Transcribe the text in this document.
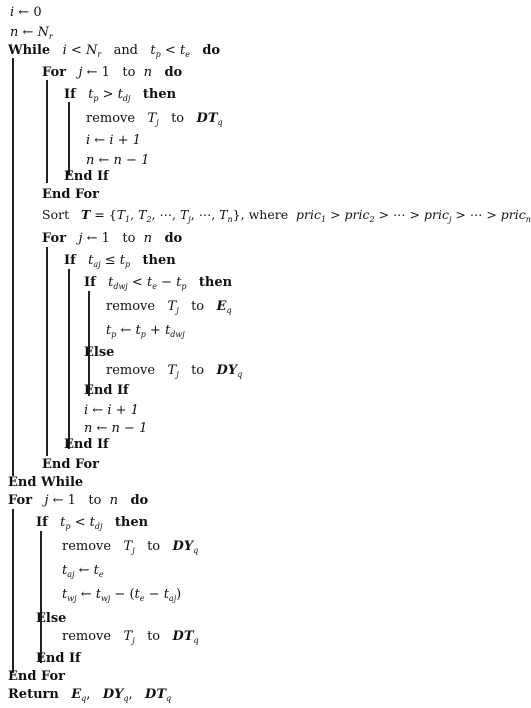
i ← 0
n ← $N_r$
While $i < N_r$ and $t_p < t_e$ do
For j ← 1 to n do
If $t_p > t_{dj}$ then
remove $T_j$ to $DT_q$
i ← i + 1
n ← n − 1
End If
End For
Sort $T = \{T_1$, $T_2$, ⋯, $T_j$, ⋯, $T_n$}, where pric$_1$ > pric$_2$ > ⋯ > pric$_j$ > ⋯ > pric$_n$
For j ← 1 to n do
If $t_{aj} \le t_p$ then
If $t_{dwj} < t_e - t_p$ then
remove $T_j$ to $E_q$
$t_p$ ← $t_p + t_{dwj}$
Else
remove $T_j$ to $DY_q$
End If
i ← i + 1
n ← n − 1
End If
End For
End While
For j ← 1 to n do
If $t_p < t_{dj}$ then
remove $T_j$ to $DY_q$
$t_{aj}$ ← $t_e$
$t_{wj}$ ← $t_{wj} - (t_e - t_{aj})$
Else
remove $T_j$ to $DT_q$
End If
End For
Return $E_q$,   $DY_q$,   $DT_q$
